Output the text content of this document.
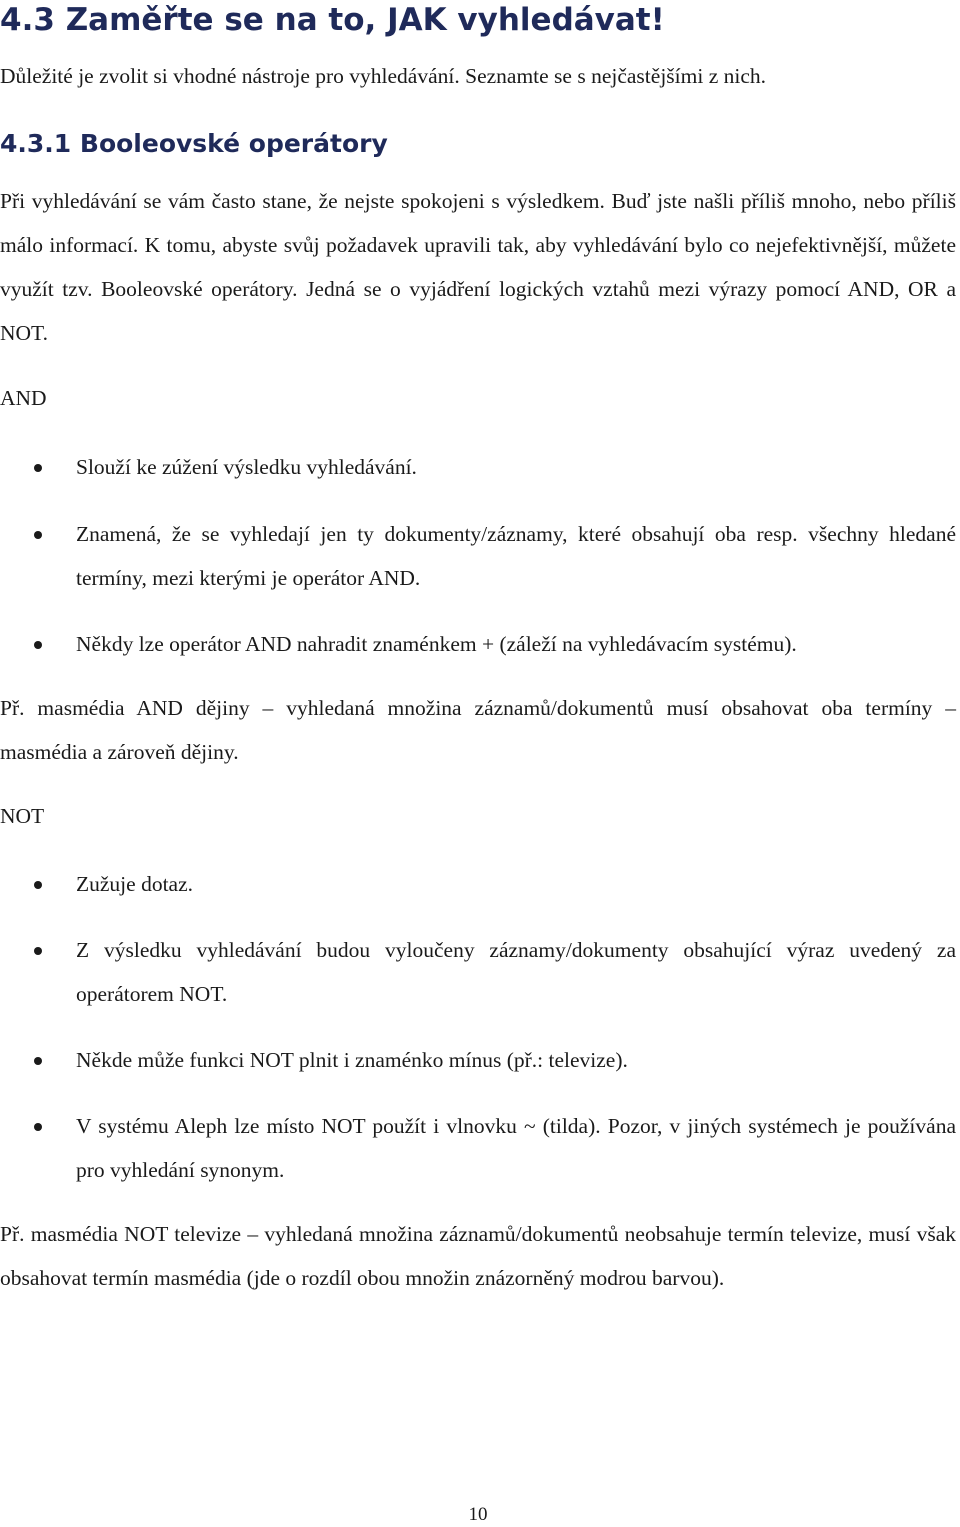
4.3 Zaměřte se na to, JAK vyhledávat!
Důležité je zvolit si vhodné nástroje pro vyhledávání. Seznamte se s nejčastějšími z nich.
4.3.1 Booleovské operátory

Při vyhledávání se vám často stane, že nejste spokojeni s výsledkem. Buď jste našli příliš mnoho, nebo příliš málo informací. K tomu, abyste svůj požadavek upravili tak, aby vyhledávání bylo co nejefektivnější, můžete využít tzv. Booleovské operátory. Jedná se o vyjádření logických vztahů mezi výrazy pomocí AND, OR a NOT.

AND
Slouží ke zúžení výsledku vyhledávání.
Znamená, že se vyhledají jen ty dokumenty/záznamy, které obsahují oba resp. všechny hledané termíny, mezi kterými je operátor AND.
Někdy lze operátor AND nahradit znaménkem + (záleží na vyhledávacím systému).

Př. masmédia AND dějiny – vyhledaná množina záznamů/dokumentů musí obsahovat oba termíny – masmédia a zároveň dějiny.

NOT
Zužuje dotaz.
Z výsledku vyhledávání budou vyloučeny záznamy/dokumenty obsahující výraz uvedený za operátorem NOT.
Někde může funkci NOT plnit i znaménko mínus (př.: televize).
V systému Aleph lze místo NOT použít i vlnovku ~ (tilda). Pozor, v jiných systémech je používána pro vyhledání synonym.

Př. masmédia NOT televize – vyhledaná množina záznamů/dokumentů neobsahuje termín televize, musí však obsahovat termín masmédia (jde o rozdíl obou množin znázorněný modrou barvou).

10
